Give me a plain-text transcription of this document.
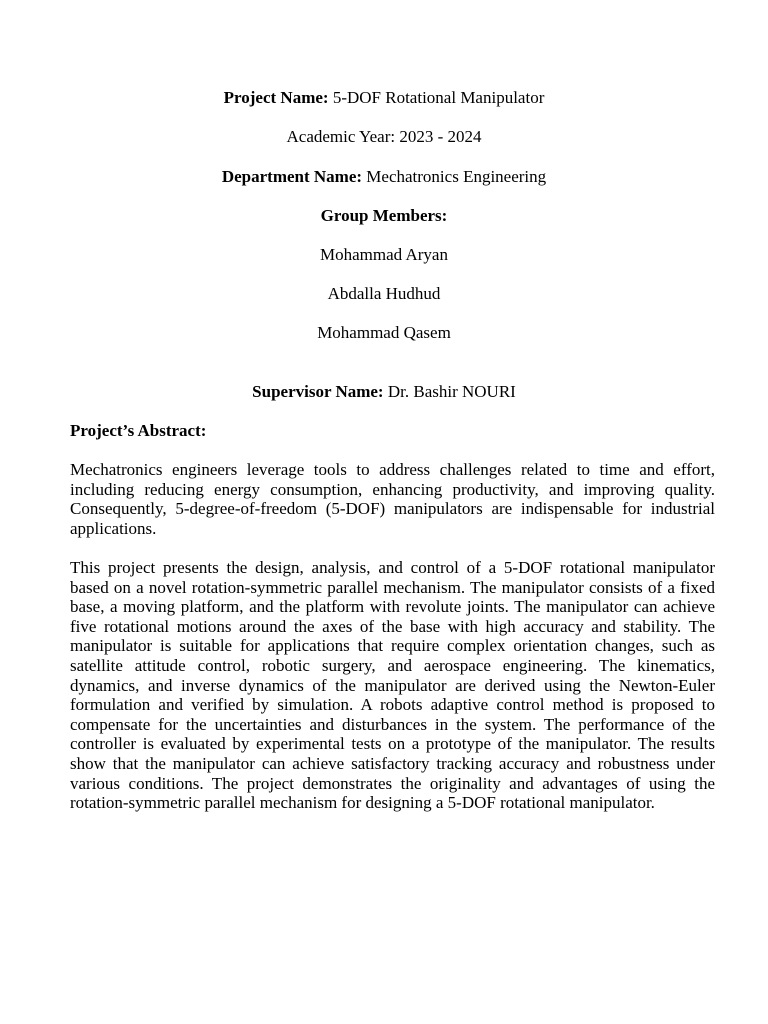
Project Name: 5-DOF Rotational Manipulator
Academic Year: 2023 - 2024
Department Name: Mechatronics Engineering
Group Members:
Mohammad Aryan
Abdalla Hudhud
Mohammad Qasem
Supervisor Name: Dr. Bashir NOURI
Project’s Abstract:

Mechatronics engineers leverage tools to address challenges related to time and effort, including reducing energy consumption, enhancing productivity, and improving quality. Consequently, 5-degree-of-freedom (5-DOF) manipulators are indispensable for industrial applications.

This project presents the design, analysis, and control of a 5-DOF rotational manipulator based on a novel rotation-symmetric parallel mechanism. The manipulator consists of a fixed base, a moving platform, and the platform with revolute joints. The manipulator can achieve five rotational motions around the axes of the base with high accuracy and stability. The manipulator is suitable for applications that require complex orientation changes, such as satellite attitude control, robotic surgery, and aerospace engineering. The kinematics, dynamics, and inverse dynamics of the manipulator are derived using the Newton-Euler formulation and verified by simulation. A robots adaptive control method is proposed to compensate for the uncertainties and disturbances in the system. The performance of the controller is evaluated by experimental tests on a prototype of the manipulator. The results show that the manipulator can achieve satisfactory tracking accuracy and robustness under various conditions. The project demonstrates the originality and advantages of using the rotation-symmetric parallel mechanism for designing a 5-DOF rotational manipulator.
